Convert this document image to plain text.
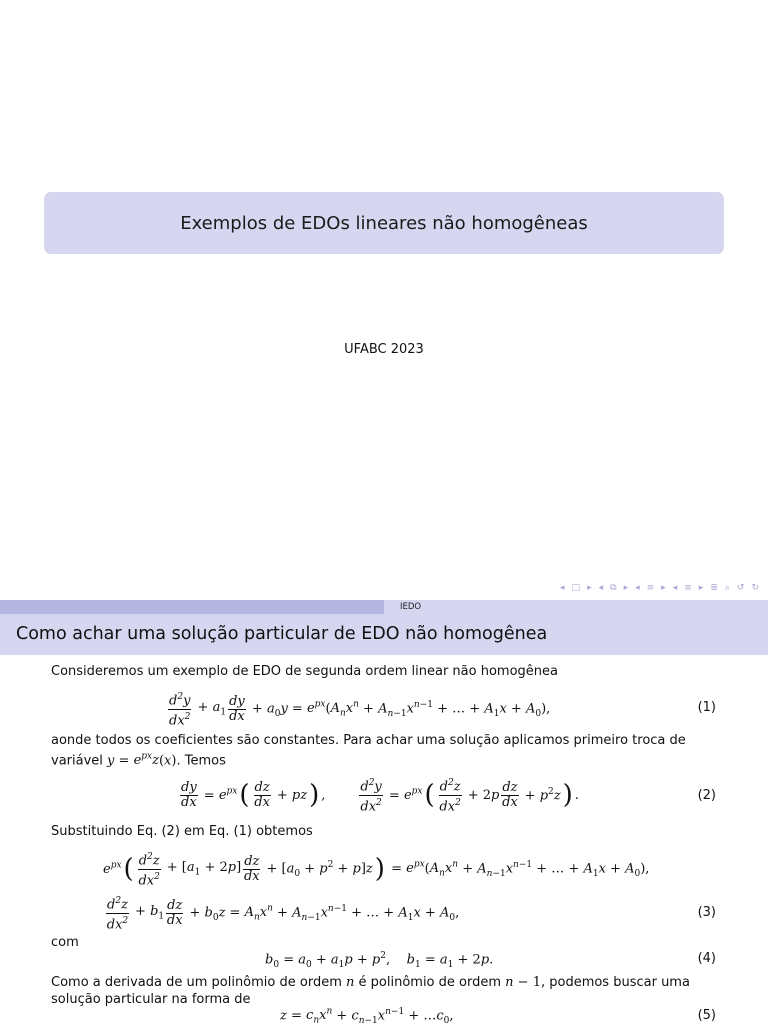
Exemplos de EDOs lineares não homogêneas
UFABC 2023
◂ □ ▸ ◂ ⧉ ▸ ◂ ≡ ▸ ◂ ≡ ▸ ≣ ⌕ ↺ ↻
IEDO
Como achar uma solução particular de EDO não homogênea
Consideremos um exemplo de EDO de segunda ordem linear não homogênea
$\frac{d^2y}{dx^2} + a_1 \frac{dy}{dx} + a_0y = e^{px}(A_nx^n + A_{n-1}x^{n-1}$ + … + $A_1x + A_0$),	(1)
aonde todos os coeficientes são constantes. Para achar uma solução aplicamos primeiro troca de
variável $y = e^{px}z(x)$. Temos
$\frac{dy}{dx} = e^{px}$ ( $\frac{dz}{dx}$ + pz ) ,	$\frac{d^2y}{dx^2} = e^{px}$ ( $\frac{d^2z}{dx^2} + 2p \frac{dz}{dx} + p^2z$ ) .	(2)
Substituindo Eq. (2) em Eq. (1) obtemos
$e^{px}$ ( $\frac{d^2z}{dx^2} + [a_1 + 2p] \frac{dz}{dx} + [a_0 + p^2 + p]z$ ) = $e^{px}(A_nx^n + A_{n-1}x^{n-1}$ + … + $A_1x + A_0$),
$\frac{d^2z}{dx^2} + b_1 \frac{dz}{dx} + b_0z = A_nx^n + A_{n-1}x^{n-1}$ + … + $A_1x + A_0$,	(3)
com
$b_0 = a_0 + a_1p + p^2$,    $b_1 = a_1 + 2p$.	(4)
Como a derivada de um polinômio de ordem n é polinômio de ordem n − 1, podemos buscar uma
solução particular na forma de
$z = c_nx^n + c_{n-1}x^{n-1}$ + $\dots c_0$,	(5)
